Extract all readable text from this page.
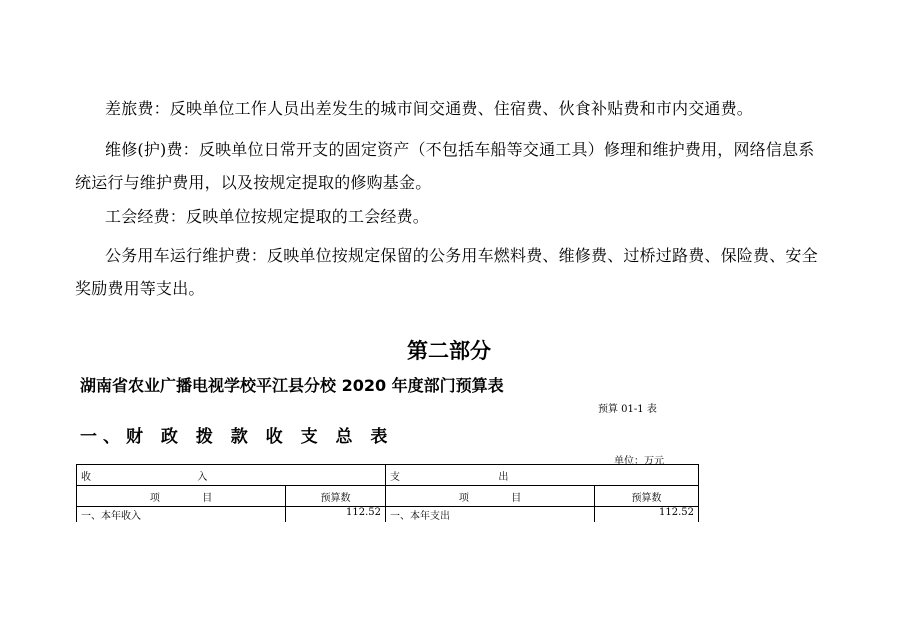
差旅费：反映单位工作人员出差发生的城市间交通费、住宿费、伙食补贴费和市内交通费。
维修(护)费：反映单位日常开支的固定资产（不包括车船等交通工具）修理和维护费用，网络信息系统运行与维护费用，以及按规定提取的修购基金。
工会经费：反映单位按规定提取的工会经费。
公务用车运行维护费：反映单位按规定保留的公务用车燃料费、维修费、过桥过路费、保险费、安全奖励费用等支出。
第二部分
湖南省农业广播电视学校平江县分校 2020 年度部门预算表
预算 01-1 表
一、财 政 拨 款 收 支 总 表
单位：万元
收 入		支 出	
项 目	预算数	项 目	预算数
一、本年收入	112.52	一、本年支出	112.52
